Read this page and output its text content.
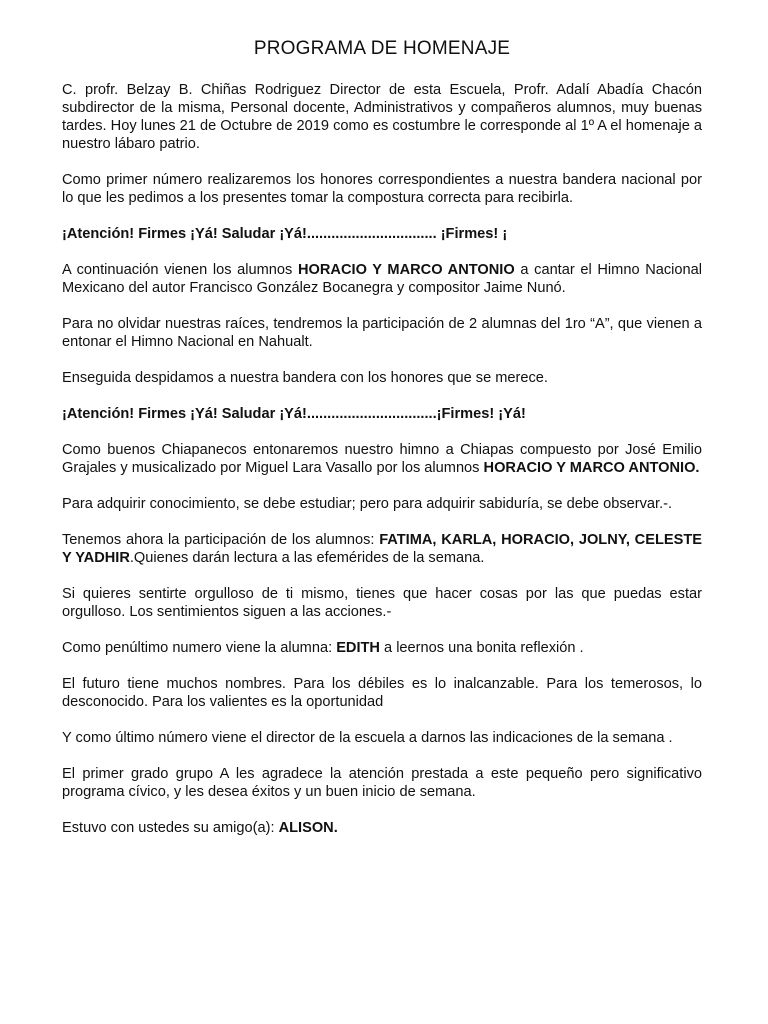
PROGRAMA DE HOMENAJE

C. profr. Belzay B. Chiñas Rodriguez Director de esta Escuela, Profr. Adalí Abadía Chacón subdirector de la misma, Personal docente, Administrativos y compañeros alumnos, muy buenas tardes. Hoy lunes 21 de Octubre de 2019 como es costumbre le corresponde al 1º A el homenaje a nuestro lábaro patrio.

Como primer número realizaremos los honores correspondientes a nuestra bandera nacional por lo que les pedimos a los presentes tomar la compostura correcta para recibirla.

¡Atención! Firmes ¡Yá! Saludar ¡Yá!................................ ¡Firmes! ¡

A continuación vienen los alumnos HORACIO Y MARCO ANTONIO a cantar el Himno Nacional Mexicano del autor Francisco González Bocanegra y compositor Jaime Nunó.

Para no olvidar nuestras raíces, tendremos la participación de 2 alumnas del 1ro “A”, que vienen a entonar el Himno Nacional en Nahualt.

Enseguida despidamos a nuestra bandera con los honores que se merece.

¡Atención! Firmes ¡Yá! Saludar ¡Yá!................................¡Firmes! ¡Yá!

Como buenos Chiapanecos entonaremos nuestro himno a Chiapas compuesto por José Emilio Grajales y musicalizado por Miguel Lara Vasallo por los alumnos HORACIO Y MARCO ANTONIO.

Para adquirir conocimiento, se debe estudiar; pero para adquirir sabiduría, se debe observar.-.

Tenemos ahora la participación de los alumnos: FATIMA, KARLA, HORACIO, JOLNY, CELESTE Y YADHIR.Quienes darán lectura a las efemérides de la semana.

Si quieres sentirte orgulloso de ti mismo, tienes que hacer cosas por las que puedas estar orgulloso. Los sentimientos siguen a las acciones.-

Como penúltimo numero viene la alumna: EDITH a leernos una bonita reflexión .

El futuro tiene muchos nombres. Para los débiles es lo inalcanzable. Para los temerosos, lo desconocido. Para los valientes es la oportunidad

Y como último número viene el director de la escuela a darnos las indicaciones de la semana .

El primer grado grupo A les agradece la atención prestada a este pequeño pero significativo programa cívico, y les desea éxitos y un buen inicio de semana.

Estuvo con ustedes su amigo(a): ALISON.
